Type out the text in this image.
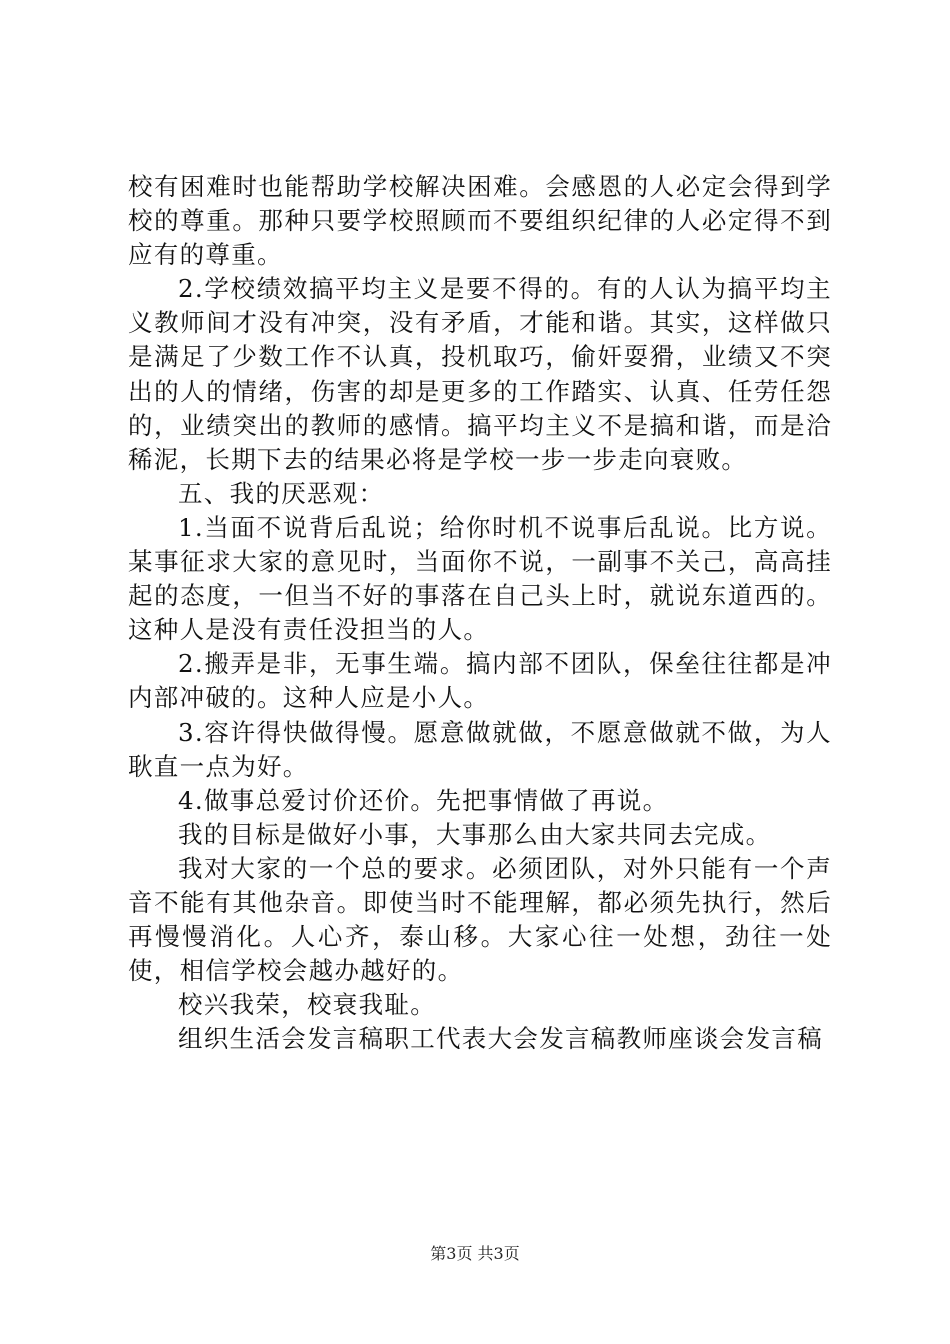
校有困难时也能帮助学校解决困难。会感恩的人必定会得到学校的尊重。那种只要学校照顾而不要组织纪律的人必定得不到应有的尊重。

2.学校绩效搞平均主义是要不得的。有的人认为搞平均主义教师间才没有冲突，没有矛盾，才能和谐。其实，这样做只是满足了少数工作不认真，投机取巧，偷奸耍猾，业绩又不突出的人的情绪，伤害的却是更多的工作踏实、认真、任劳任怨的，业绩突出的教师的感情。搞平均主义不是搞和谐，而是洽稀泥，长期下去的结果必将是学校一步一步走向衰败。

五、我的厌恶观：

1.当面不说背后乱说；给你时机不说事后乱说。比方说。某事征求大家的意见时，当面你不说，一副事不关己，高高挂起的态度，一但当不好的事落在自己头上时，就说东道西的。这种人是没有责任没担当的人。

2.搬弄是非，无事生端。搞内部不团队，保垒往往都是冲内部冲破的。这种人应是小人。

3.容许得快做得慢。愿意做就做，不愿意做就不做，为人耿直一点为好。

4.做事总爱讨价还价。先把事情做了再说。

我的目标是做好小事，大事那么由大家共同去完成。

我对大家的一个总的要求。必须团队，对外只能有一个声音不能有其他杂音。即使当时不能理解，都必须先执行，然后再慢慢消化。人心齐，泰山移。大家心往一处想，劲往一处使，相信学校会越办越好的。

校兴我荣，校衰我耻。

组织生活会发言稿职工代表大会发言稿教师座谈会发言稿

第3页 共3页
